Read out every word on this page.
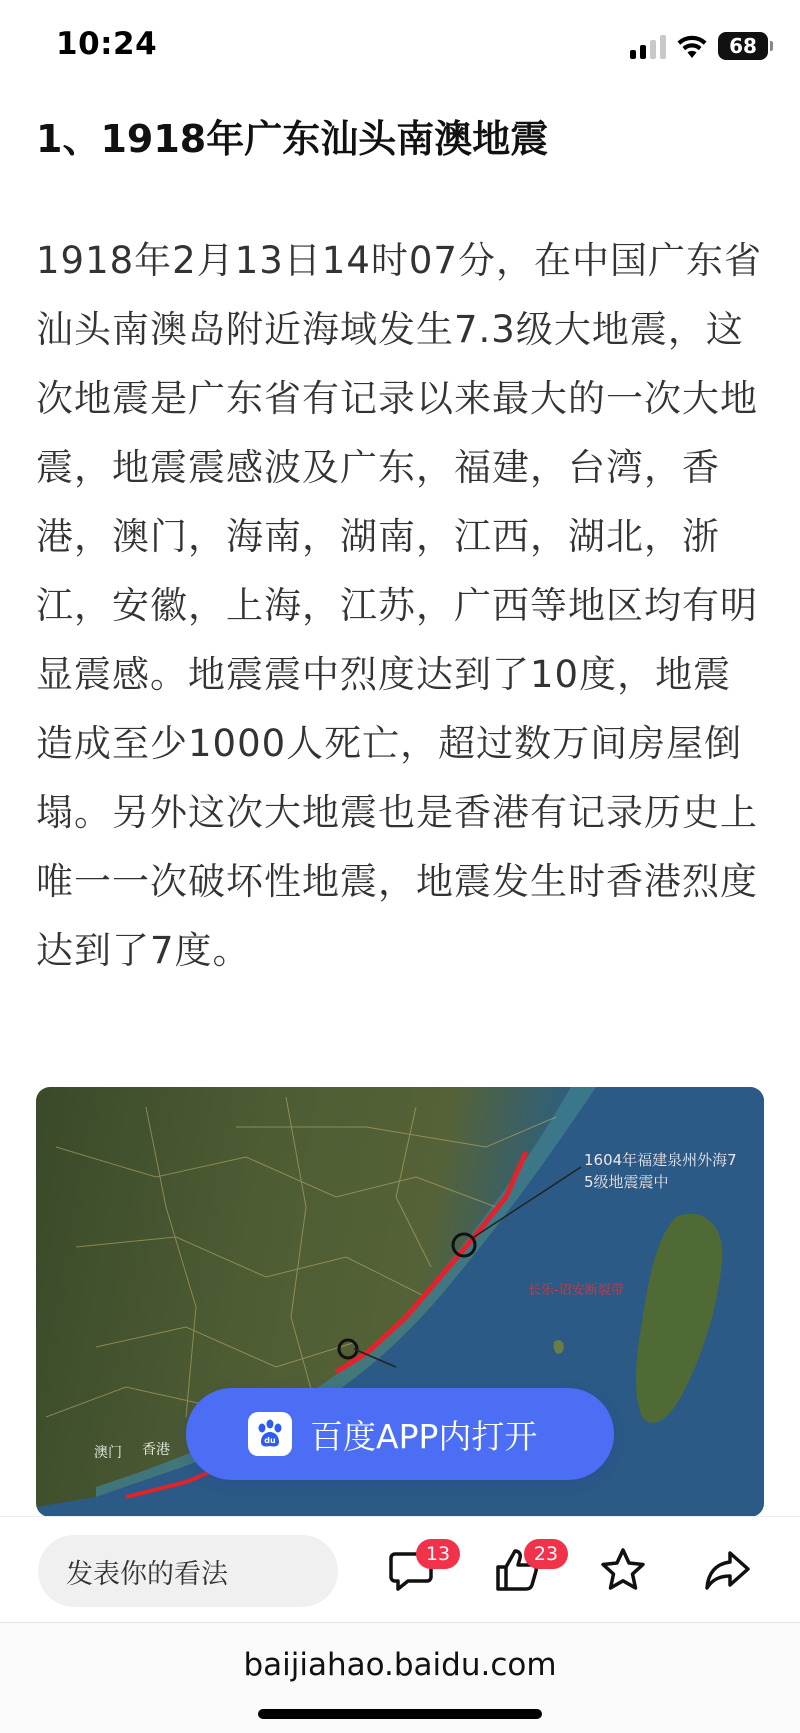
10:24	68
1、1918年广东汕头南澳地震

1918年2月13日14时07分，在中国广东省汕头南澳岛附近海域发生7.3级大地震，这次地震是广东省有记录以来最大的一次大地震，地震震感波及广东，福建，台湾，香港，澳门，海南，湖南，江西，湖北，浙江，安徽，上海，江苏，广西等地区均有明显震感。地震震中烈度达到了10度，地震造成至少1000人死亡，超过数万间房屋倒塌。另外这次大地震也是香港有记录历史上唯一一次破坏性地震，地震发生时香港烈度达到了7度。

1604年福建泉州外海7
5级地震震中
长乐-诏安断裂带
澳门 香港
du 百度APP内打开
发表你的看法
13	23
baijiahao.baidu.com
